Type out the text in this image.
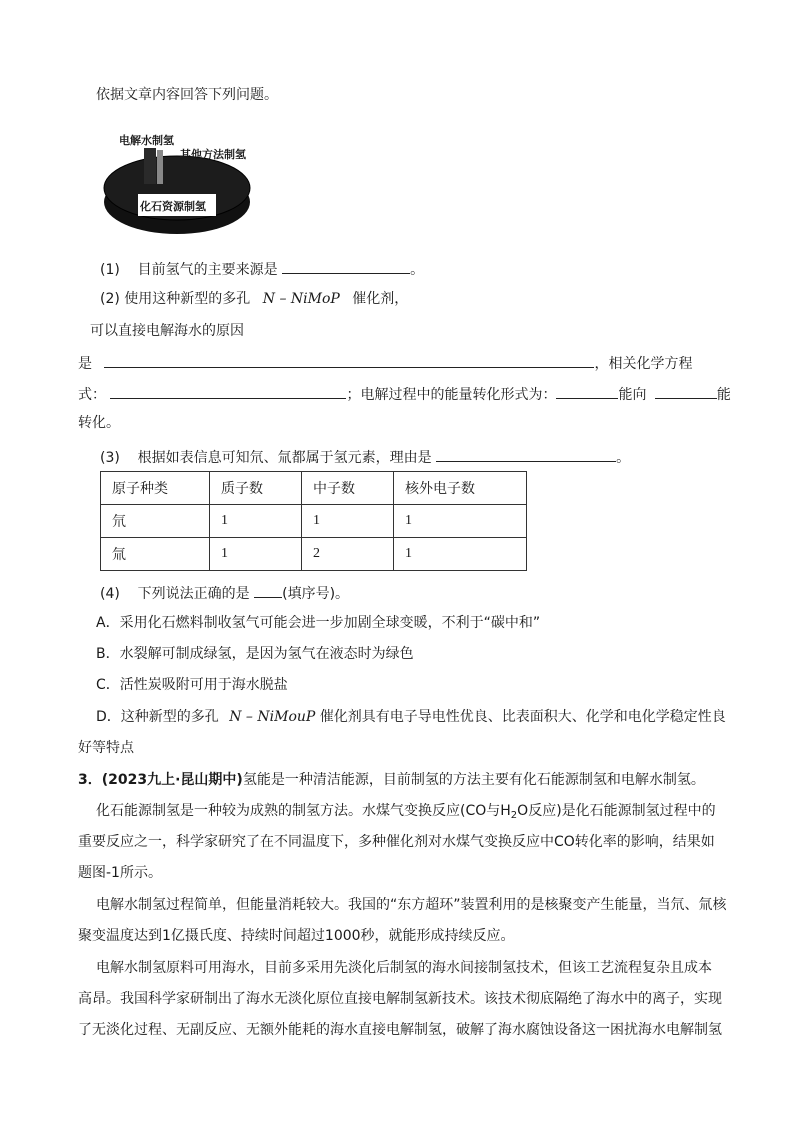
依据文章内容回答下列问题。
电解水制氢
其他方法制氢
化石资源制氢
(1) 目前氢气的主要来源是	。
(2) 使用这种新型的多孔 N – NiMoP 催化剂，
可以直接电解海水的原因
是	，相关化学方程
式：	；电解过程中的能量转化形式为：	能向	能
转化。
(3) 根据如表信息可知氘、氚都属于氢元素，理由是	。
原子种类	质子数	中子数	核外电子数
氘	1	1	1
氚	1	2	1
(4) 下列说法正确的是 (填序号)。
A．采用化石燃料制收氢气可能会进一步加剧全球变暖，不利于“碳中和”
B．水裂解可制成绿氢，是因为氢气在液态时为绿色
C．活性炭吸附可用于海水脱盐
D．这种新型的多孔 N – NiMouP 催化剂具有电子导电性优良、比表面积大、化学和电化学稳定性良
好等特点
3．(2023九上·昆山期中)氢能是一种清洁能源，目前制氢的方法主要有化石能源制氢和电解水制氢。
化石能源制氢是一种较为成熟的制氢方法。水煤气变换反应(CO与$H_2O$反应)是化石能源制氢过程中的
重要反应之一，科学家研究了在不同温度下，多种催化剂对水煤气变换反应中CO转化率的影响，结果如
题图-1所示。
电解水制氢过程简单，但能量消耗较大。我国的“东方超环”装置利用的是核聚变产生能量，当氘、氚核
聚变温度达到1亿摄氏度、持续时间超过1000秒，就能形成持续反应。
电解水制氢原料可用海水，目前多采用先淡化后制氢的海水间接制氢技术，但该工艺流程复杂且成本
高昂。我国科学家研制出了海水无淡化原位直接电解制氢新技术。该技术彻底隔绝了海水中的离子，实现
了无淡化过程、无副反应、无额外能耗的海水直接电解制氢，破解了海水腐蚀设备这一困扰海水电解制氢
